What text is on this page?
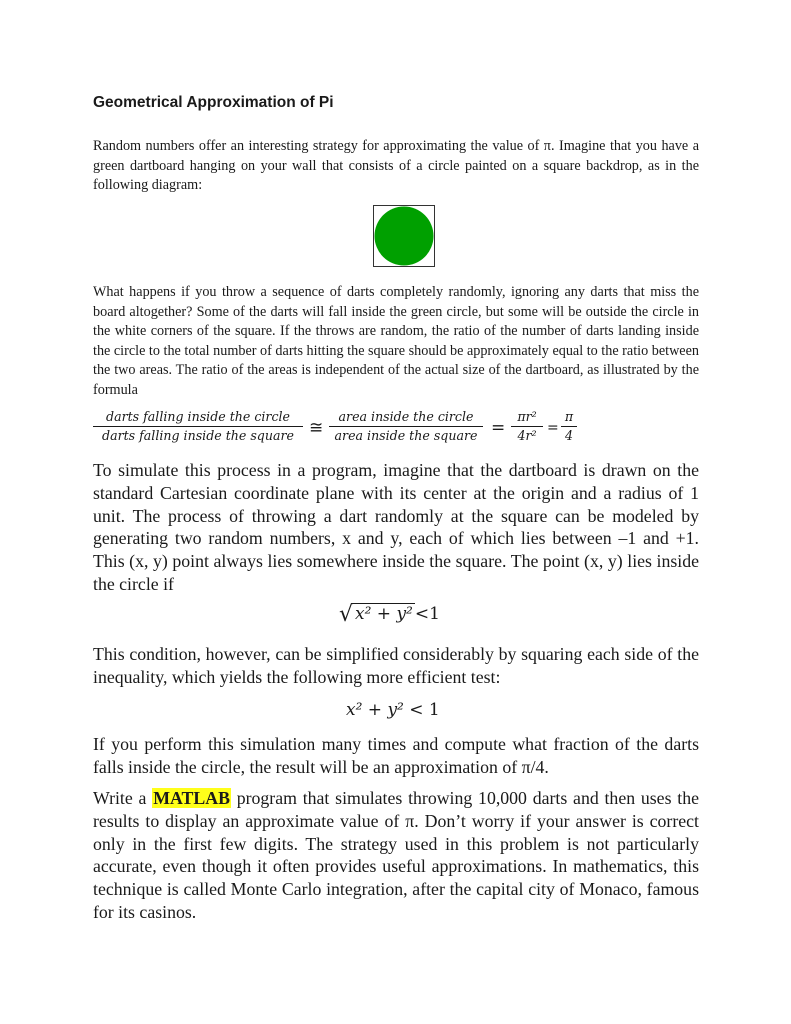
Geometrical Approximation of Pi

Random numbers offer an interesting strategy for approximating the value of π. Imagine that you have a green dartboard hanging on your wall that consists of a circle painted on a square backdrop, as in the following diagram:

What happens if you throw a sequence of darts completely randomly, ignoring any darts that miss the board altogether? Some of the darts will fall inside the green circle, but some will be outside the circle in the white corners of the square. If the throws are random, the ratio of the number of darts landing inside the circle to the total number of darts hitting the square should be approximately equal to the ratio between the two areas. The ratio of the areas is independent of the actual size of the dartboard, as illustrated by the formula

darts falling inside the circle
darts falling inside the square ≅
area inside the circle
area inside the square = $\frac{\text{πr²}}{\text{4r²}} = \frac{\pi}{4}$

To simulate this process in a program, imagine that the dartboard is drawn on the standard Cartesian coordinate plane with its center at the origin and a radius of 1 unit. The process of throwing a dart randomly at the square can be modeled by generating two random numbers, x and y, each of which lies between –1 and +1. This (x, y) point always lies somewhere inside the square. The point (x, y) lies inside the circle if

√ x² + y² <1

This condition, however, can be simplified considerably by squaring each side of the inequality, which yields the following more efficient test:

x² + y² < 1

If you perform this simulation many times and compute what fraction of the darts falls inside the circle, the result will be an approximation of π/4.

Write a MATLAB program that simulates throwing 10,000 darts and then uses the results to display an approximate value of π. Don’t worry if your answer is correct only in the first few digits. The strategy used in this problem is not particularly accurate, even though it often provides useful approximations. In mathematics, this technique is called Monte Carlo integration, after the capital city of Monaco, famous for its casinos.
